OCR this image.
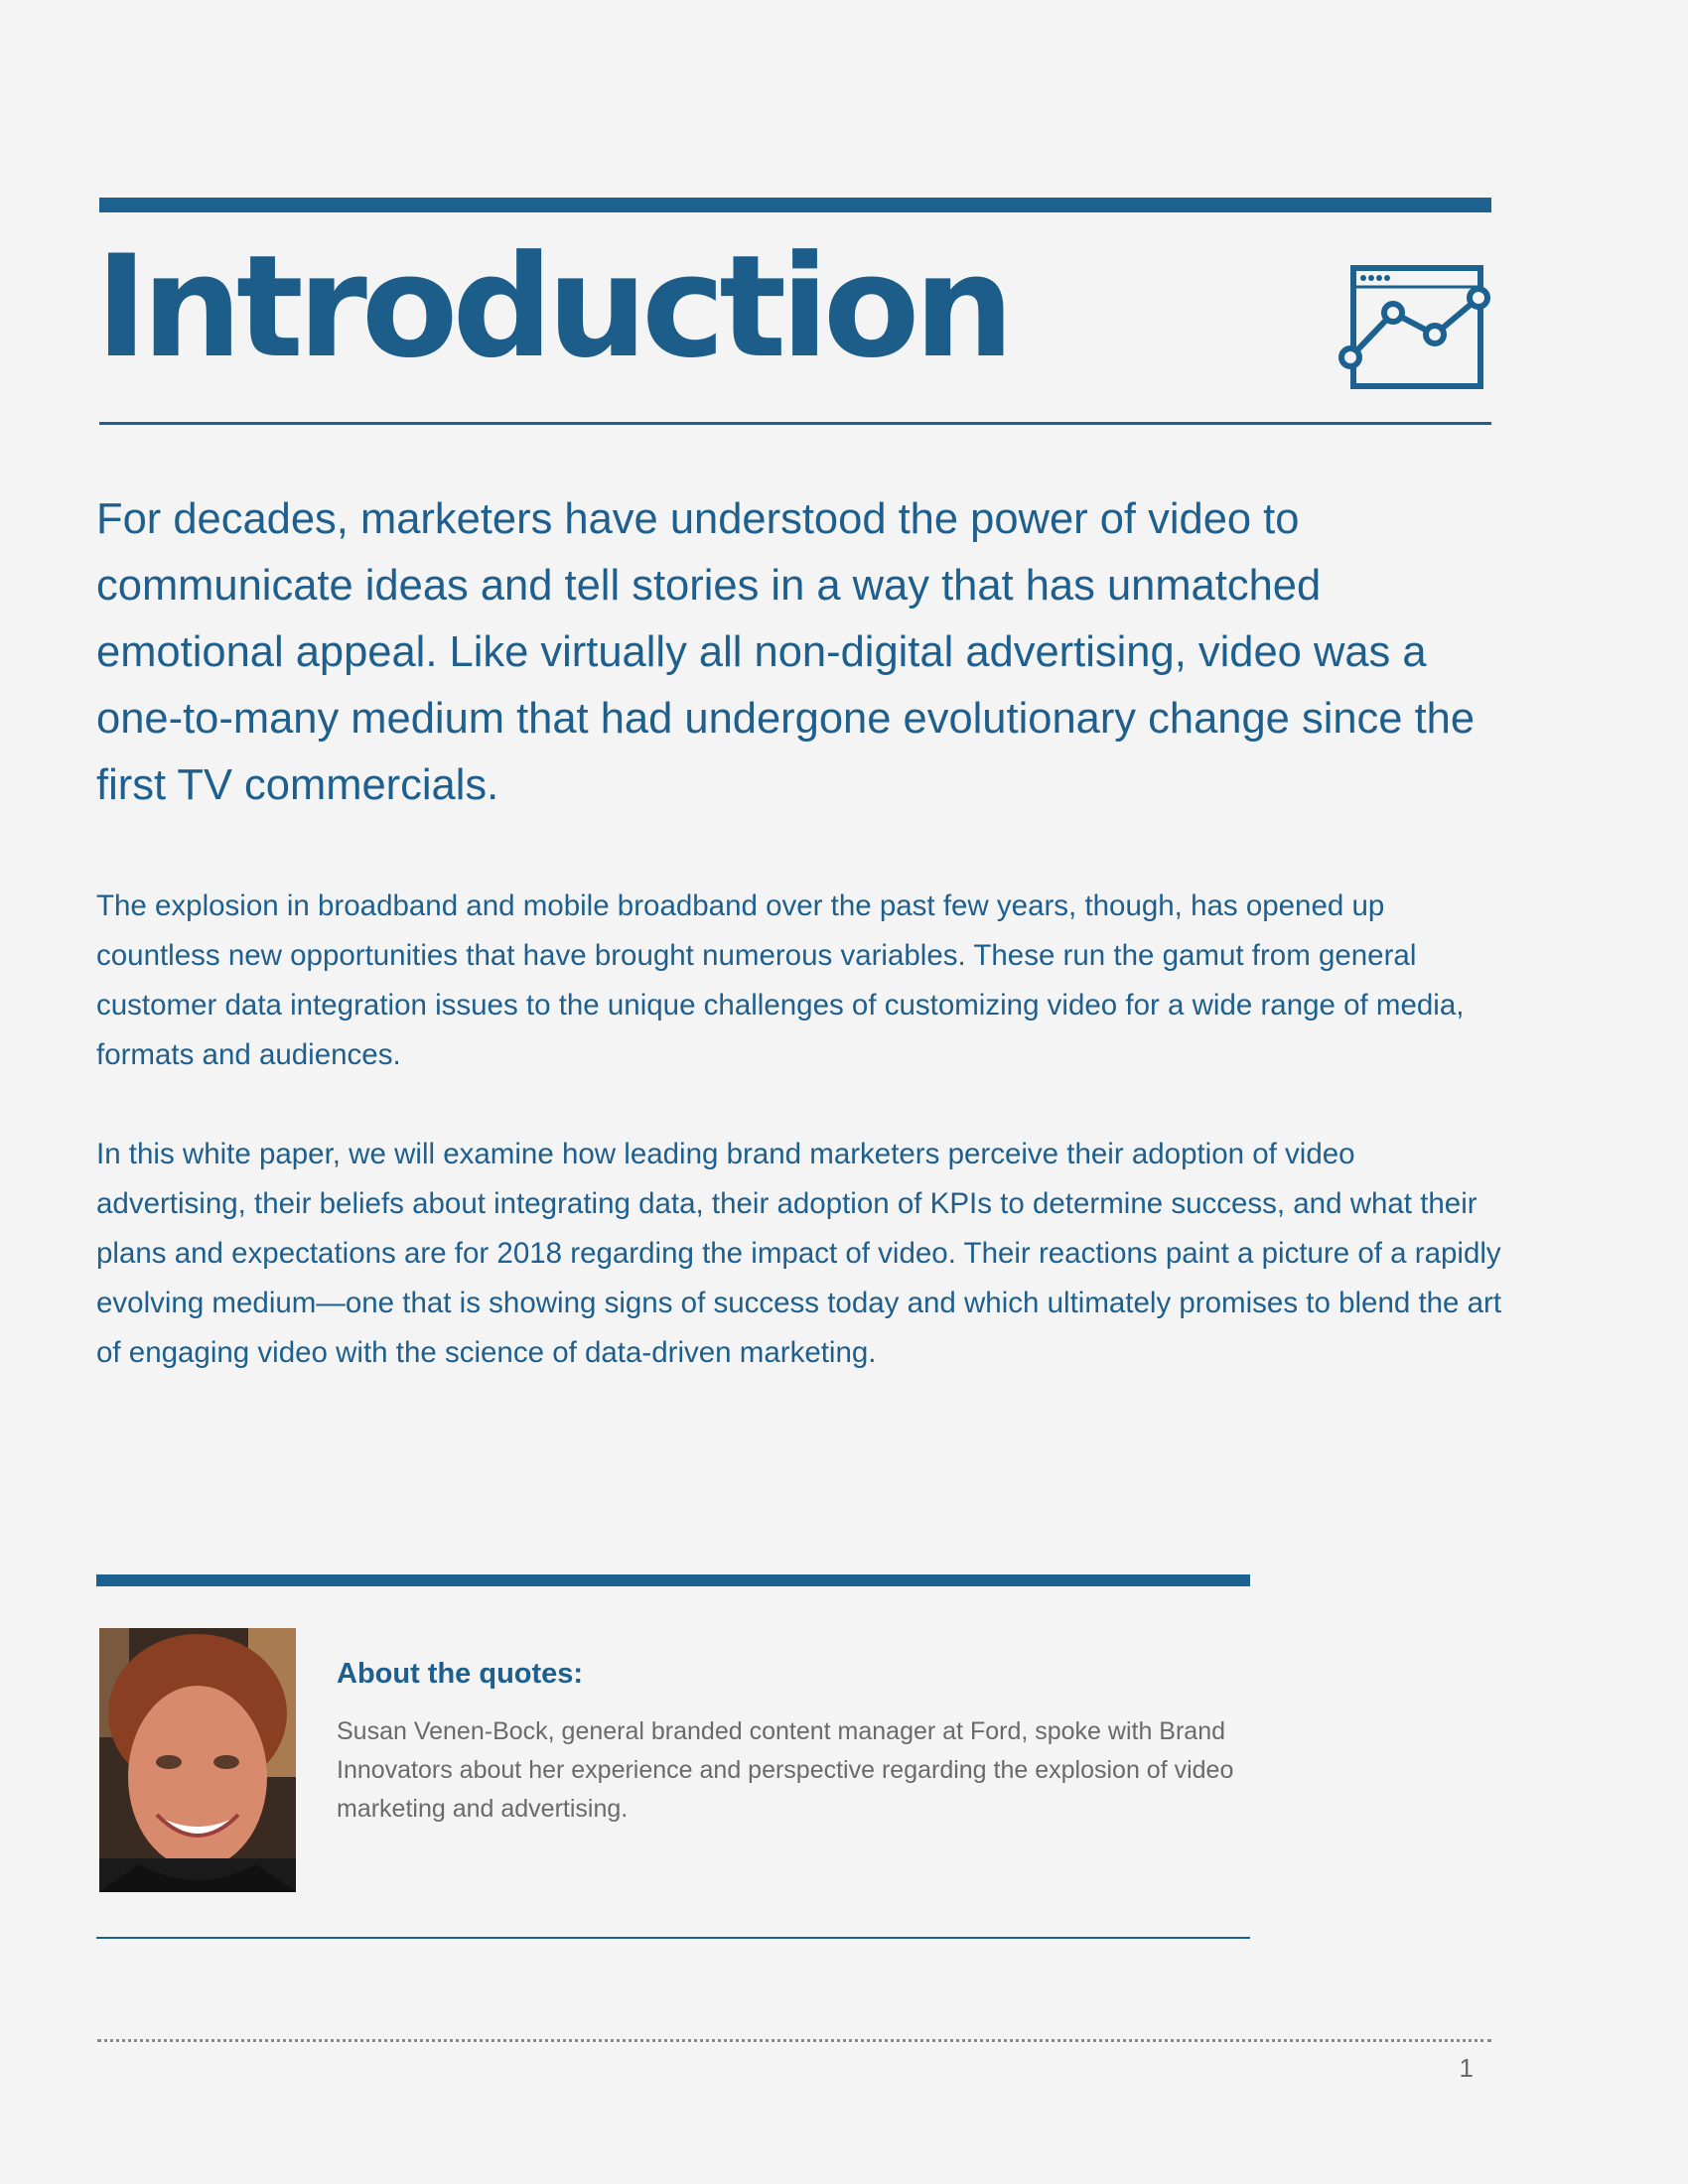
Introduction

For decades, marketers have understood the power of video to communicate ideas and tell stories in a way that has unmatched emotional appeal. Like virtually all non-digital advertising, video was a one-to-many medium that had undergone evolutionary change since the first TV commercials.

The explosion in broadband and mobile broadband over the past few years, though, has opened up countless new opportunities that have brought numerous variables. These run the gamut from general customer data integration issues to the unique challenges of customizing video for a wide range of media, formats and audiences.

In this white paper, we will examine how leading brand marketers perceive their adoption of video advertising, their beliefs about integrating data, their adoption of KPIs to determine success, and what their plans and expectations are for 2018 regarding the impact of video. Their reactions paint a picture of a rapidly evolving medium—one that is showing signs of success today and which ultimately promises to blend the art of engaging video with the science of data-driven marketing.

About the quotes:

Susan Venen-Bock, general branded content manager at Ford, spoke with Brand Innovators about her experience and perspective regarding the explosion of video marketing and advertising.

1
